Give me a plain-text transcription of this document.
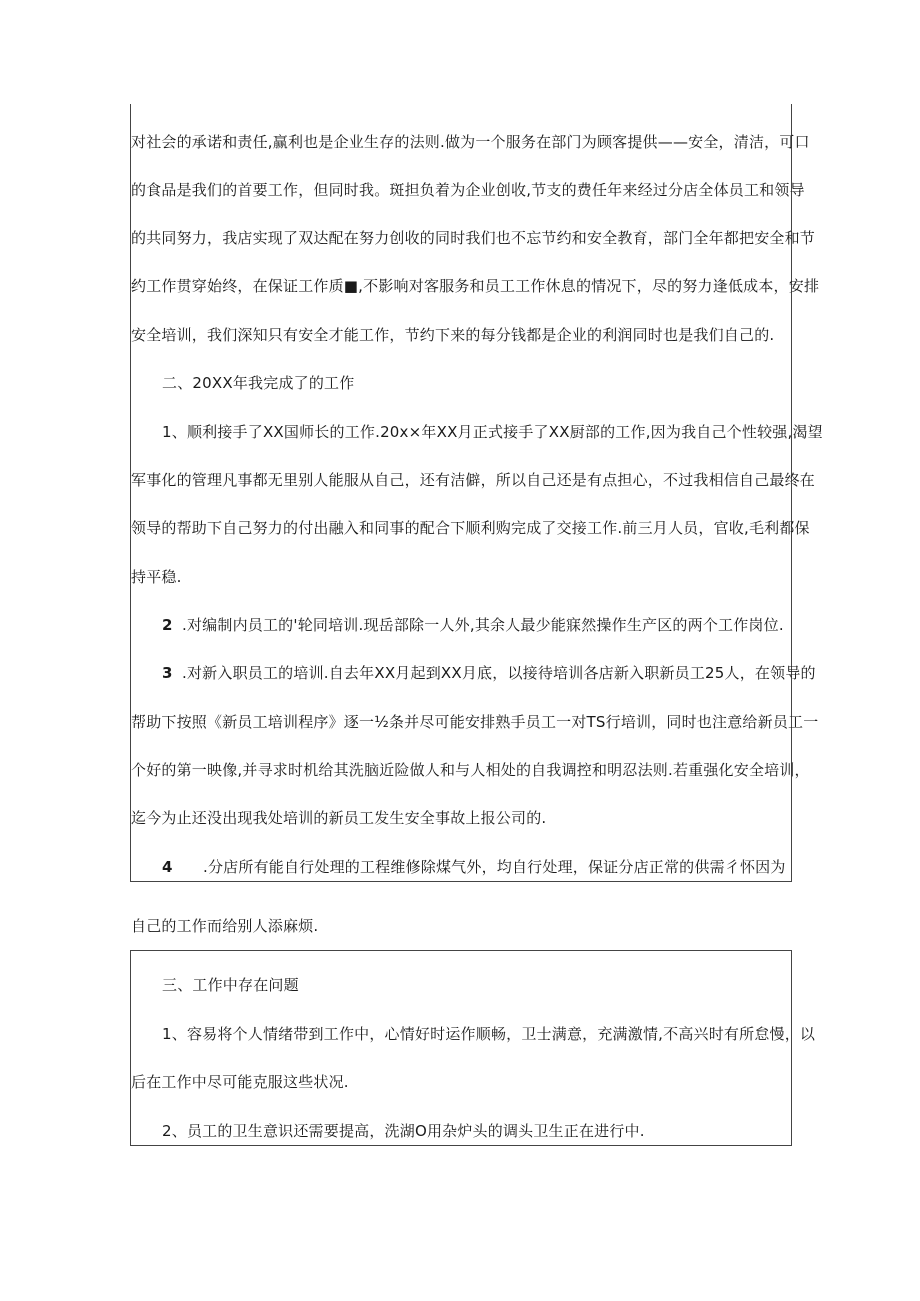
对社会的承诺和责任,赢利也是企业生存的法则.做为一个服务在部门为顾客提供——安全，清洁，可口
的食品是我们的首要工作，但同时我。斑担负着为企业创收,节支的费任年来经过分店全体员工和领导
的共同努力，我店实现了双达配在努力创收的同时我们也不忘节约和安全教育，部门全年都把安全和节
约工作贯穿始终，在保证工作质■,不影响对客服务和员工工作休息的情况下，尽的努力逢低成本，安排
安全培训，我们深知只有安全才能工作，节约下来的每分钱都是企业的利润同时也是我们自己的.
二、20XX年我完成了的工作
1、顺利接手了XX国师长的工作.20x×年XX月正式接手了XX厨部的工作,因为我自己个性较强,渴望
军事化的管理凡事都无里别人能服从自己，还有洁僻，所以自己还是有点担心，不过我相信自己最终在
领导的帮助下自己努力的付出融入和同事的配合下顺利购完成了交接工作.前三月人员，官收,毛利都保
持平稳.
2 .对编制内员工的'轮同培训.现岳部除一人外,其余人最少能寐然操作生产区的两个工作岗位.
3 .对新入职员工的培训.自去年XX月起到XX月底，以接待培训各店新入职新员工25人，在领导的
帮助下按照《新员工培训程序》逐一½条并尽可能安排熟手员工一对TS行培训，同时也注意给新员工一
个好的第一映像,并寻求时机给其洗脑近险做人和与人相处的自我调控和明忍法则.若重强化安全培训，
迄今为止还没出现我处培训的新员工发生安全事故上报公司的.
4 .分店所有能自行处理的工程维修除煤气外，均自行处理，保证分店正常的供需彳怀因为
自己的工作而给别人添麻烦.
三、工作中存在问题
1、容易将个人情绪带到工作中，心情好时运作顺畅，卫士满意，充满激情,不高兴时有所怠慢，以
后在工作中尽可能克服这些状况.
2、员工的卫生意识还需要提高，洗湖O用杂炉头的调头卫生正在进行中.
